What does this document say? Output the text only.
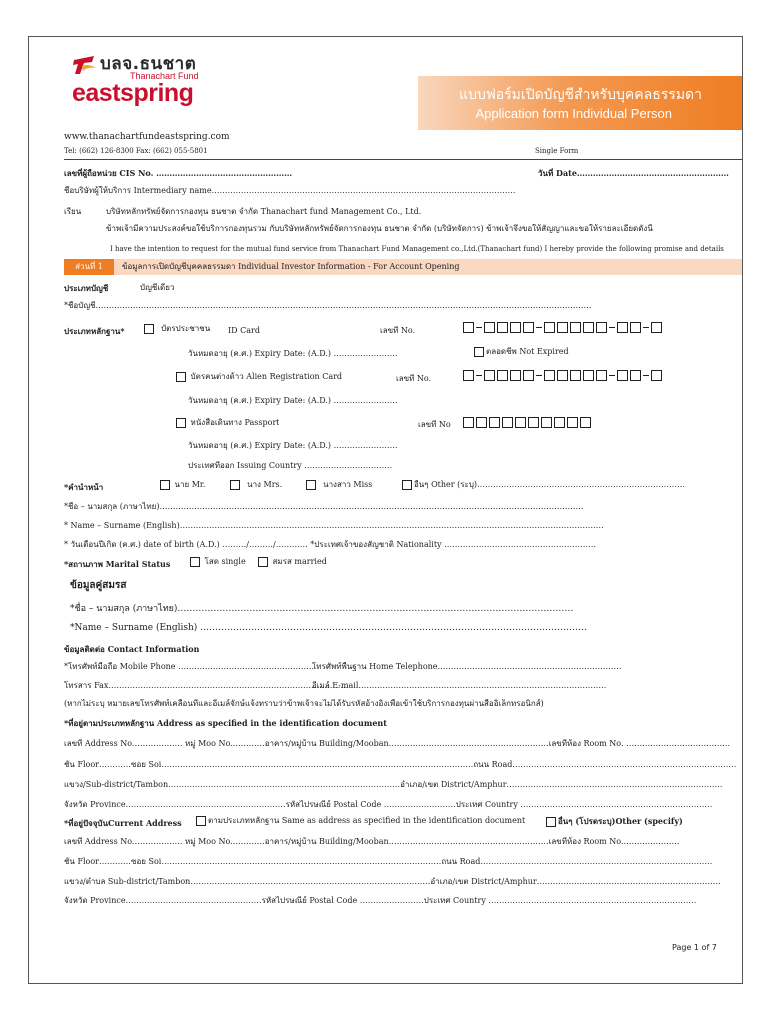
บลจ.ธนชาต
Thanachart Fund
eastspring	แบบฟอร์มเปิดบัญชีสำหรับบุคคลธรรมดา
Application form Individual Person
www.thanachartfundeastspring.com
Tel: (662) 126-8300 Fax: (662) 055-5801	Single Form
เลขที่ผู้ถือหน่วย CIS No. ……………………………………………	วันที่ Date…………………………………………………
ชื่อบริษัทผู้ให้บริการ Intermediary name……………………………………………………………………………………………………
เรียน	บริษัทหลักทรัพย์จัดการกองทุน ธนชาต จำกัด Thanachart fund Management Co., Ltd.
ข้าพเจ้ามีความประสงค์ขอใช้บริการกองทุนรวม กับบริษัทหลักทรัพย์จัดการกองทุน ธนชาต จำกัด (บริษัทจัดการ) ข้าพเจ้าจึงขอให้สัญญาและขอให้รายละเอียดดังนี้
I have the intention to request for the mutual fund service from Thanachart Fund Management co.,Ltd.(Thanachart fund) I hereby provide the following promise and details
ส่วนที่ 1	ข้อมูลการเปิดบัญชีบุคคลธรรมดา Individual Investor Information - For Account Opening
ประเภทบัญชี	บัญชีเดี่ยว
*ชื่อบัญชี……………………………………………………………………………………………………………………………………………………………………
ประเภทหลักฐาน*	บัตรประชาชน ID Card	เลขที่ No.
วันหมดอายุ (ค.ศ.) Expiry Date: (A.D.) ……………………	ตลอดชีพ Not Expired
บัตรคนต่างด้าว Alien Registration Card	เลขที่ No.
วันหมดอายุ (ค.ศ.) Expiry Date: (A.D.) ……………………
หนังสือเดินทาง Passport	เลขที่ No
วันหมดอายุ (ค.ศ.) Expiry Date: (A.D.) ……………………
ประเทศที่ออก Issuing Country ……………………………
*คำนำหน้า	นาย Mr.	นาง Mrs.	นางสาว Miss	อื่นๆ Other (ระบุ)……………………………………………………………………
*ชื่อ – นามสกุล (ภาษาไทย)……………………………………………………………………………………………………………………………………………
* Name – Surname (English)……………………………………………………………………………………………………………………………………………
* วันเดือนปีเกิด (ค.ศ.) date of birth (A.D.) ………/………/………… *ประเทศเจ้าของสัญชาติ Nationality …………………………………………………
*สถานภาพ Marital Status	โสด single	สมรส married
ข้อมูลคู่สมรส
*ชื่อ – นามสกุล (ภาษาไทย)……………………………………………………………………………………………………………………
*Name – Surname (English) …………………………………………………………………………………………………………………
ข้อมูลติดต่อ Contact Information
*โทรศัพท์มือถือ Mobile Phone ……………………………………………
โทรศัพท์พื้นฐาน Home Telephone……………………………………………………………
โทรสาร Fax………………………………………………………………………………
อีเมล์ E-mail…………………………………………………………………………………
(หากไม่ระบุ หมายเลขโทรศัพท์เคลื่อนที่และอีเมล์จักษ์แจ้งทราบว่าข้าพเจ้าจะไม่ได้รับรหัสอ้างอิงเพื่อเข้าใช้บริการกองทุนผ่านสื่ออิเล็กทรอนิกส์)
*ที่อยู่ตามประเภทหลักฐาน Address as specified in the identification document
เลขที่ Address No.……………… หมู่ Moo No.…………อาคาร/หมู่บ้าน Building/Mooban……………………………………………………เลขที่ห้อง Room No. …………………………………
ชั้น Floor…………ซอย Soi………………………………………………………………………………………………………ถนน Road…………………………………………………………………………
แขวง/Sub-district/Tambon……………………………………………………………………………อำเภอ/เขต District/Amphur………………………………………………………………………
จังหวัด Province……………………………………………………รหัสไปรษณีย์ Postal Code ………………………ประเทศ Country ………………………………………………………………
*ที่อยู่ปัจจุบันCurrent Address	ตามประเภทหลักฐาน Same as address as specified in the identification document	อื่นๆ (โปรดระบุ)Other (specify)
เลขที่ Address No.……………… หมู่ Moo No.…………อาคาร/หมู่บ้าน Building/Mooban……………………………………………………เลขที่ห้อง Room No.…………………
ชั้น Floor…………ซอย Soi……………………………………………………………………………………………ถนน Road……………………………………………………………………………
แขวง/ตำบล Sub-district/Tambon………………………………………………………………………………อำเภอ/เขต District/Amphur……………………………………………………………
จังหวัด Province……………………………………………รหัสไปรษณีย์ Postal Code ……………………ประเทศ Country ……………………………………………………………………
Page 1 of 7
